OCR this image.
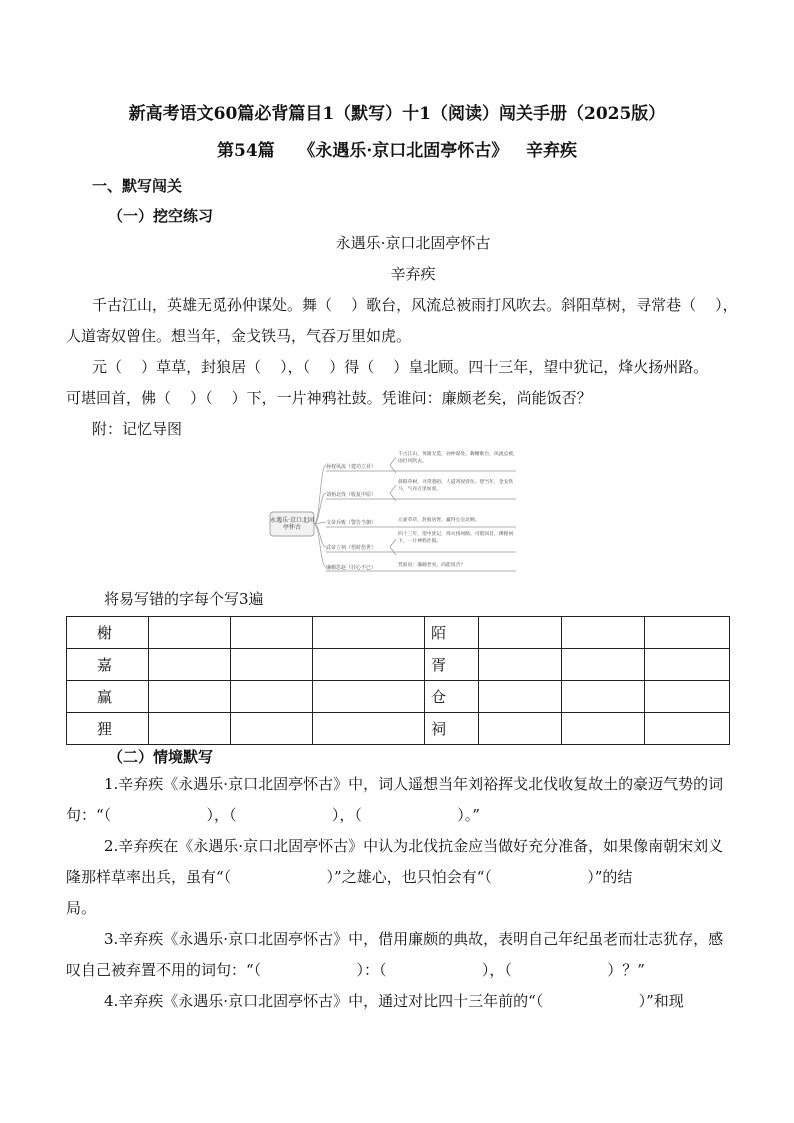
新高考语文60篇必背篇目1（默写）十1（阅读）闯关手册（2025版）
第54篇    《永遇乐·京口北固亭怀古》   辛弃疾
一、默写闯关
（一）挖空练习
永遇乐·京口北固亭怀古
辛弃疾
千古江山，英雄无觅孙仲谋处。舞（    ）歌台，风流总被雨打风吹去。斜阳草树，寻常巷（    ），
人道寄奴曾住。想当年，金戈铁马，气吞万里如虎。
元（    ）草草，封狼居（    ），（    ）得（    ）皇北顾。四十三年，望中犹记，烽火扬州路。
可堪回首，佛（    ）（    ）下，一片神鸦社鼓。凭谁问：廉颇老矣，尚能饭否？
附：记忆导图
永遇乐·京口北固亭怀古
孙权风流（建功立业）
刘裕北伐（收复中原）
文帝兵败（警告当朝）
武帝立祠（悟时伤世）
廉颇思赵（壮心不已）
千古江山，英雄无觅，孙仲谋处。舞榭歌台，风流总被，雨打风吹去。
斜阳草树，寻常巷陌，人道寄奴曾住。想当年，金戈铁马，气吞万里如虎。
元嘉草草，封狼居胥，赢得仓皇北顾。
四十三年，望中犹记，烽火扬州路。可堪回首，佛狸祠下，一片神鸦社鼓。
凭谁问：廉颇老矣，尚能饭否？
将易写错的字每个写3遍
榭				陌			
嘉				胥			
赢				仓			
狸				祠			
（二）情境默写
1.辛弃疾《永遇乐·京口北固亭怀古》中，词人遥想当年刘裕挥戈北伐收复故土的豪迈气势的词
句：“（                    ），（                    ），（                    ）。”
2.辛弃疾在《永遇乐·京口北固亭怀古》中认为北伐抗金应当做好充分准备，如果像南朝宋刘义
隆那样草率出兵，虽有“（                    ）”之雄心，也只怕会有“（                    ）”的结
局。
3.辛弃疾《永遇乐·京口北固亭怀古》中，借用廉颇的典故，表明自己年纪虽老而壮志犹存，感
叹自己被弃置不用的词句：“（                    ）：（                    ），（                    ）？”
4.辛弃疾《永遇乐·京口北固亭怀古》中，通过对比四十三年前的“（                    ）”和现
